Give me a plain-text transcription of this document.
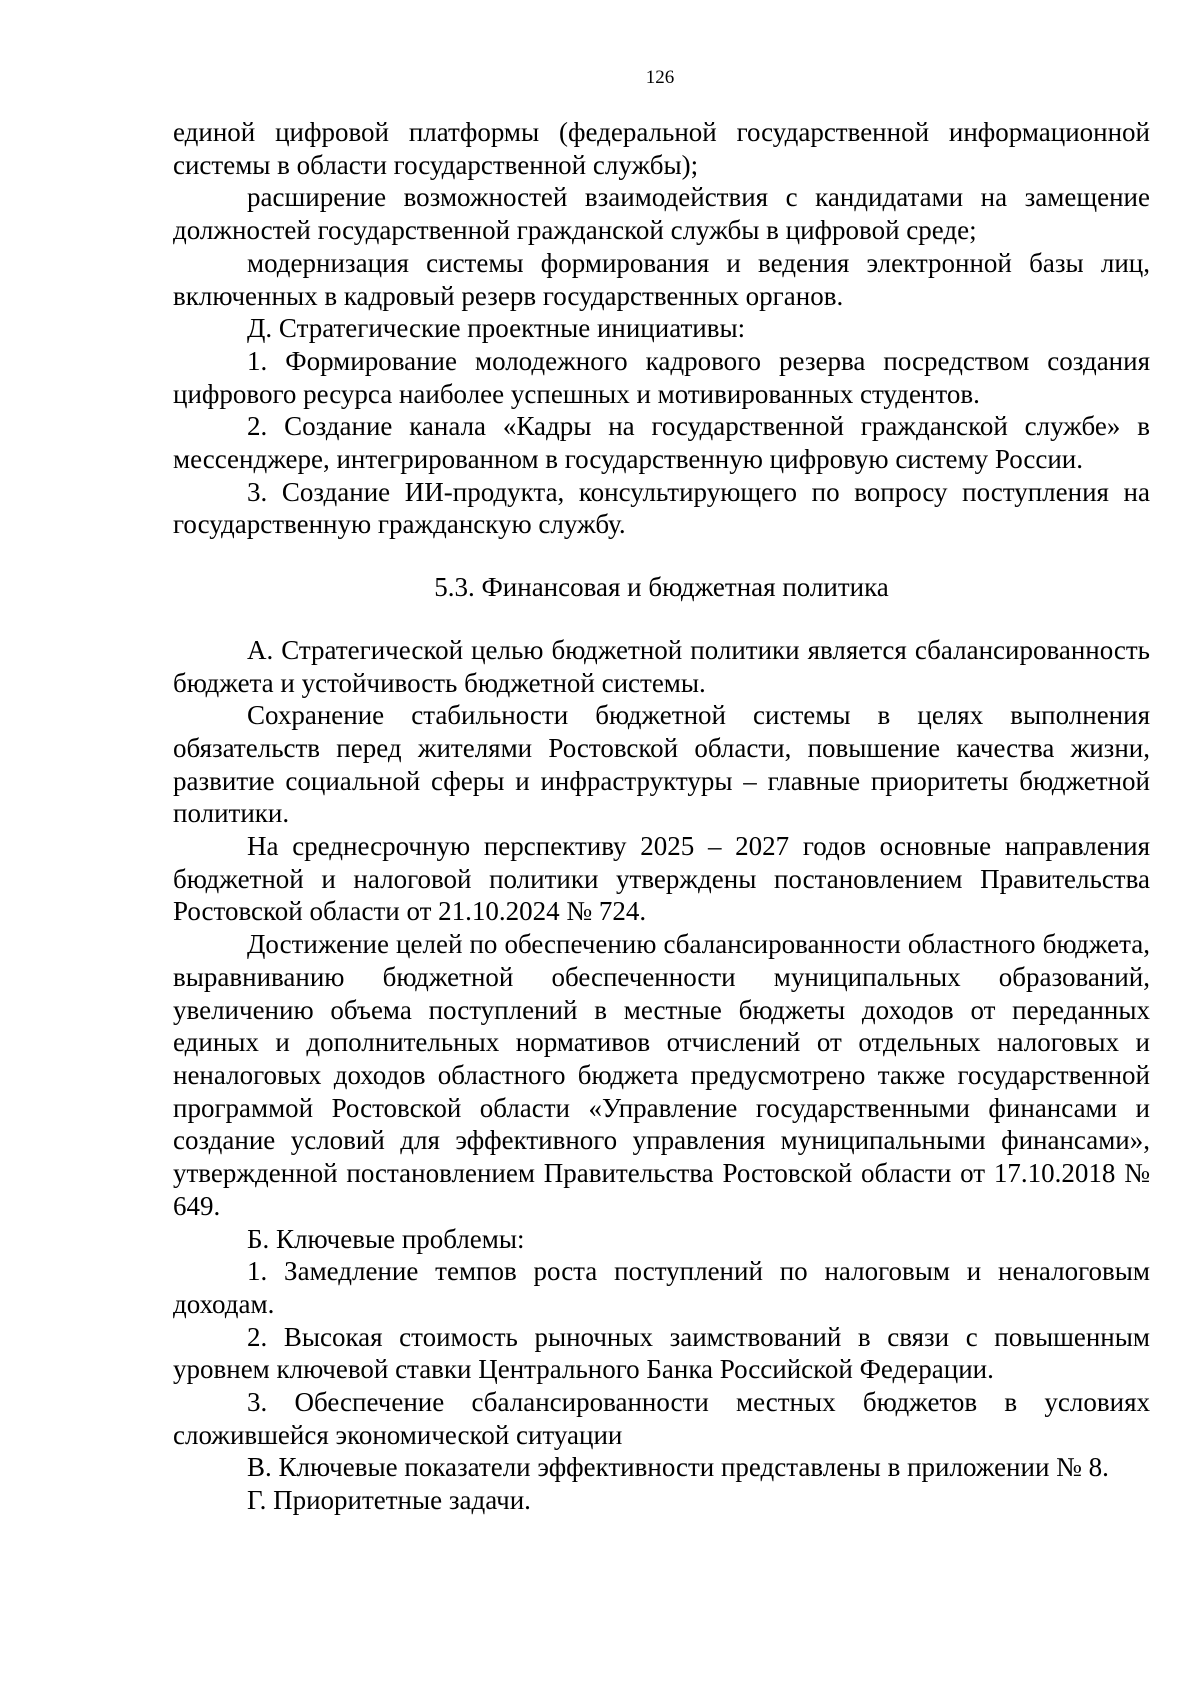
126

единой цифровой платформы (федеральной государственной информационной системы в области государственной службы);

расширение возможностей взаимодействия с кандидатами на замещение должностей государственной гражданской службы в цифровой среде;

модернизация системы формирования и ведения электронной базы лиц, включенных в кадровый резерв государственных органов.

Д. Стратегические проектные инициативы:

1. Формирование молодежного кадрового резерва посредством создания цифрового ресурса наиболее успешных и мотивированных студентов.

2. Создание канала «Кадры на государственной гражданской службе» в мессенджере, интегрированном в государственную цифровую систему России.

3. Создание ИИ-продукта, консультирующего по вопросу поступления на государственную гражданскую службу.

5.3. Финансовая и бюджетная политика

А. Стратегической целью бюджетной политики является сбалансированность бюджета и устойчивость бюджетной системы.

Сохранение стабильности бюджетной системы в целях выполнения обязательств перед жителями Ростовской области, повышение качества жизни, развитие социальной сферы и инфраструктуры – главные приоритеты бюджетной политики.

На среднесрочную перспективу 2025 – 2027 годов основные направления бюджетной и налоговой политики утверждены постановлением Правительства Ростовской области от 21.10.2024 № 724.

Достижение целей по обеспечению сбалансированности областного бюджета, выравниванию бюджетной обеспеченности муниципальных образований, увеличению объема поступлений в местные бюджеты доходов от переданных единых и дополнительных нормативов отчислений от отдельных налоговых и неналоговых доходов областного бюджета предусмотрено также государственной программой Ростовской области «Управление государственными финансами и создание условий для эффективного управления муниципальными финансами», утвержденной постановлением Правительства Ростовской области от 17.10.2018 № 649.

Б. Ключевые проблемы:

1. Замедление темпов роста поступлений по налоговым и неналоговым доходам.

2. Высокая стоимость рыночных заимствований в связи с повышенным уровнем ключевой ставки Центрального Банка Российской Федерации.

3. Обеспечение сбалансированности местных бюджетов в условиях сложившейся экономической ситуации

В. Ключевые показатели эффективности представлены в приложении № 8.

Г. Приоритетные задачи.
